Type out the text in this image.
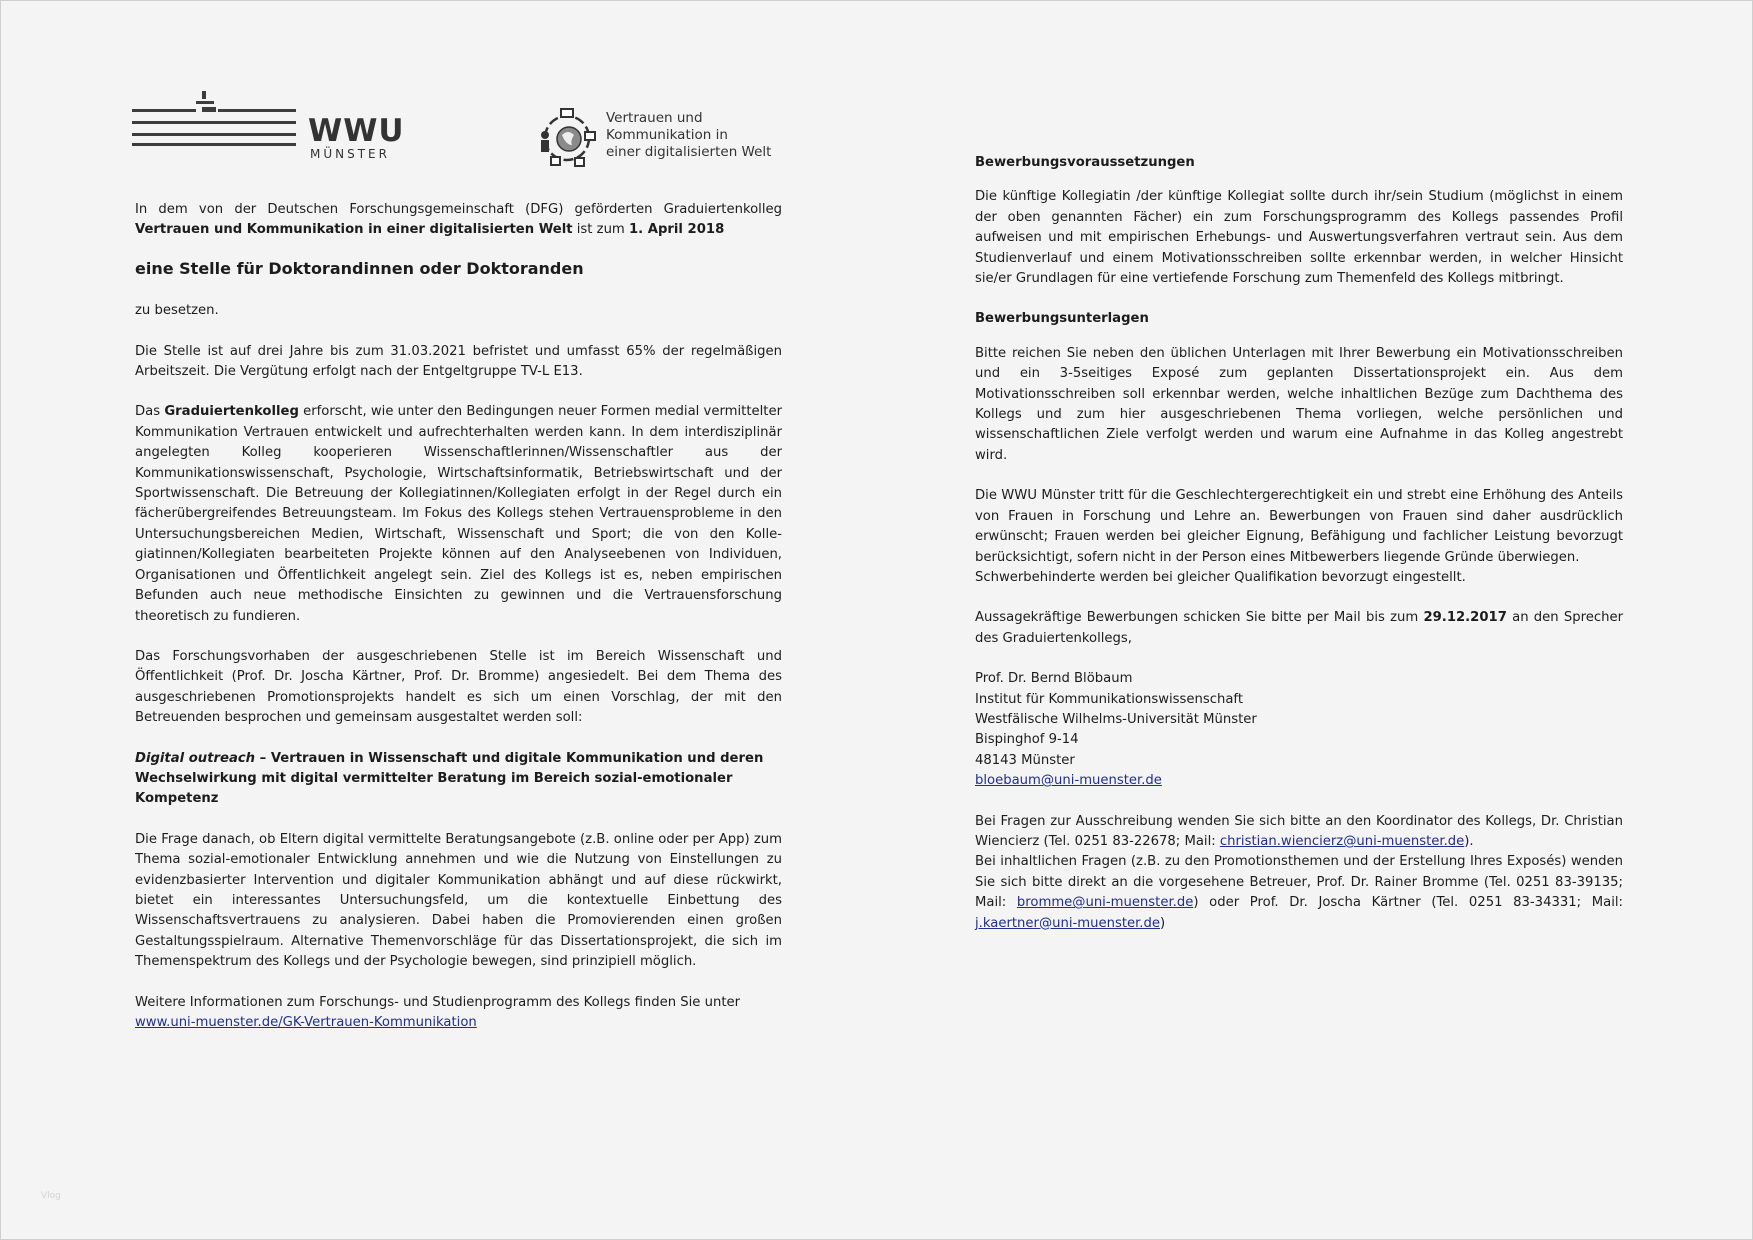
WWU
MÜNSTER
Vertrauen und
Kommunikation in
einer digitalisierten Welt

In dem von der Deutschen Forschungsgemeinschaft (DFG) geförderten Graduiertenkolleg Vertrauen und Kommunikation in einer digitalisierten Welt ist zum 1. April 2018

eine Stelle für Doktorandinnen oder Doktoranden

zu besetzen.

Die Stelle ist auf drei Jahre bis zum 31.03.2021 befristet und umfasst 65% der regelmäßigen Arbeitszeit. Die Vergütung erfolgt nach der Entgeltgruppe TV-L E13.

Das Graduiertenkolleg erforscht, wie unter den Bedingungen neuer Formen medial vermittelter Kommunikation Vertrauen entwickelt und aufrechterhalten werden kann. In dem interdisziplinär angelegten Kolleg kooperieren Wissenschaftlerinnen/Wissenschaftler aus der Kommunikationswissenschaft, Psychologie, Wirtschaftsinformatik, Betriebswirtschaft und der Sportwissenschaft. Die Betreuung der Kollegiatinnen/Kollegiaten erfolgt in der Regel durch ein fächerübergreifendes Betreuungsteam. Im Fokus des Kollegs stehen Vertrauensprobleme in den Untersuchungsbereichen Medien, Wirtschaft, Wissenschaft und Sport; die von den Kollegiatinnen/Kollegiaten bearbeiteten Projekte können auf den Analyseebenen von Individuen, Organisationen und Öffentlichkeit angelegt sein. Ziel des Kollegs ist es, neben empirischen Befunden auch neue methodische Einsichten zu gewinnen und die Vertrauensforschung theoretisch zu fundieren.

Das Forschungsvorhaben der ausgeschriebenen Stelle ist im Bereich Wissenschaft und Öffentlichkeit (Prof. Dr. Joscha Kärtner, Prof. Dr. Bromme) angesiedelt. Bei dem Thema des ausgeschriebenen Promotionsprojekts handelt es sich um einen Vorschlag, der mit den Betreuenden besprochen und gemeinsam ausgestaltet werden soll:

Digital outreach – Vertrauen in Wissenschaft und digitale Kommunikation und deren Wechselwirkung mit digital vermittelter Beratung im Bereich sozial-emotionaler Kompetenz

Die Frage danach, ob Eltern digital vermittelte Beratungsangebote (z.B. online oder per App) zum Thema sozial-emotionaler Entwicklung annehmen und wie die Nutzung von Einstellungen zu evidenzbasierter Intervention und digitaler Kommunikation abhängt und auf diese rückwirkt, bietet ein interessantes Untersuchungsfeld, um die kontextuelle Einbettung des Wissenschaftsvertrauens zu analysieren. Dabei haben die Promovierenden einen großen Gestaltungsspielraum. Alternative Themenvorschläge für das Dissertationsprojekt, die sich im Themenspektrum des Kollegs und der Psychologie bewegen, sind prinzipiell möglich.

Weitere Informationen zum Forschungs- und Studienprogramm des Kollegs finden Sie unter www.uni-muenster.de/GK-Vertrauen-Kommunikation

Bewerbungsvoraussetzungen

Die künftige Kollegiatin /der künftige Kollegiat sollte durch ihr/sein Studium (möglichst in einem der oben genannten Fächer) ein zum Forschungsprogramm des Kollegs passendes Profil aufweisen und mit empirischen Erhebungs- und Auswertungsverfahren vertraut sein. Aus dem Studienverlauf und einem Motivationsschreiben sollte erkennbar werden, in welcher Hinsicht sie/er Grundlagen für eine vertiefende Forschung zum Themenfeld des Kollegs mitbringt.

Bewerbungsunterlagen

Bitte reichen Sie neben den üblichen Unterlagen mit Ihrer Bewerbung ein Motivationsschreiben und ein 3-5seitiges Exposé zum geplanten Dissertationsprojekt ein. Aus dem Motivationsschreiben soll erkennbar werden, welche inhaltlichen Bezüge zum Dachthema des Kollegs und zum hier ausgeschriebenen Thema vorliegen, welche persönlichen und wissenschaftlichen Ziele verfolgt werden und warum eine Aufnahme in das Kolleg angestrebt wird.

Die WWU Münster tritt für die Geschlechtergerechtigkeit ein und strebt eine Erhöhung des Anteils von Frauen in Forschung und Lehre an. Bewerbungen von Frauen sind daher ausdrücklich erwünscht; Frauen werden bei gleicher Eignung, Befähigung und fachlicher Leistung bevorzugt berücksichtigt, sofern nicht in der Person eines Mitbewerbers liegende Gründe überwiegen.

Schwerbehinderte werden bei gleicher Qualifikation bevorzugt eingestellt.

Aussagekräftige Bewerbungen schicken Sie bitte per Mail bis zum 29.12.2017 an den Sprecher des Graduiertenkollegs,

Prof. Dr. Bernd Blöbaum
Institut für Kommunikationswissenschaft
Westfälische Wilhelms-Universität Münster
Bispinghof 9-14
48143 Münster
bloebaum@uni-muenster.de

Bei Fragen zur Ausschreibung wenden Sie sich bitte an den Koordinator des Kollegs, Dr. Christian Wiencierz (Tel. 0251 83-22678; Mail: christian.wiencierz@uni-muenster.de).

Bei inhaltlichen Fragen (z.B. zu den Promotionsthemen und der Erstellung Ihres Exposés) wenden Sie sich bitte direkt an die vorgesehene Betreuer, Prof. Dr. Rainer Bromme (Tel. 0251 83-39135; Mail: bromme@uni-muenster.de) oder Prof. Dr. Joscha Kärtner (Tel. 0251 83-34331; Mail: j.kaertner@uni-muenster.de)

Vlog
